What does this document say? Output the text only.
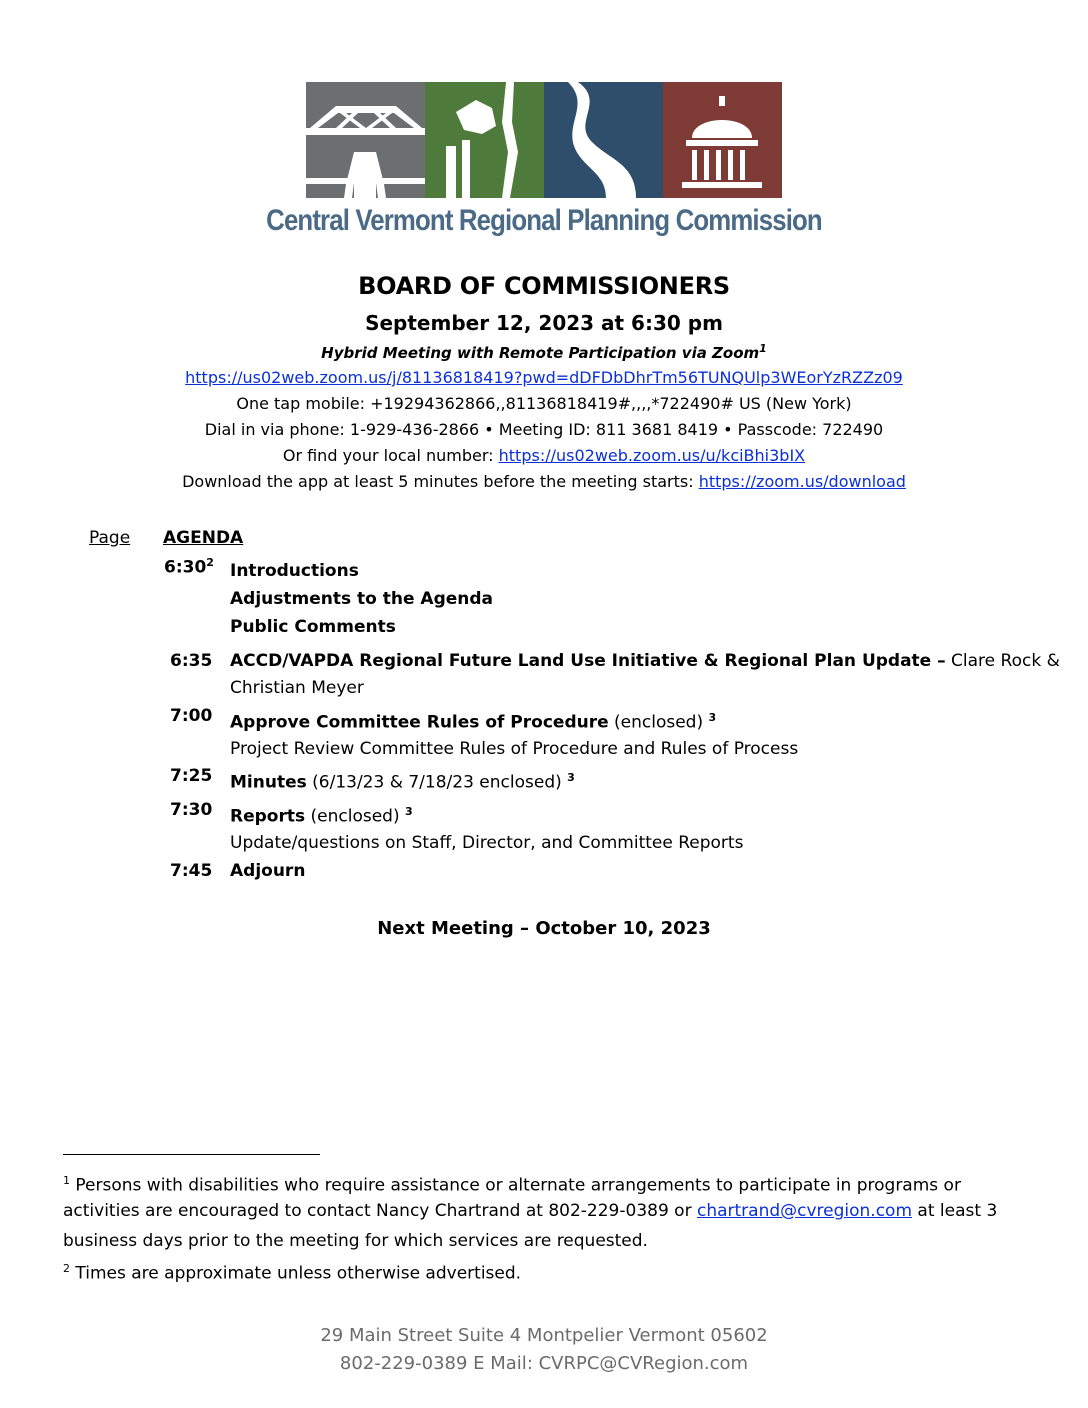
Central Vermont Regional Planning Commission
BOARD OF COMMISSIONERS
September 12, 2023 at 6:30 pm
Hybrid Meeting with Remote Participation via Zoom$^1$
https://us02web.zoom.us/j/81136818419?pwd=dDFDbDhrTm56TUNQUlp3WEorYzRZZz09
One tap mobile: +19294362866,,81136818419#,,,,*722490# US (New York)
Dial in via phone: 1-929-436-2866 • Meeting ID: 811 3681 8419 • Passcode: 722490
Or find your local number: https://us02web.zoom.us/u/kciBhi3bIX
Download the app at least 5 minutes before the meeting starts: https://zoom.us/download
Page AGENDA
$6:30^2$ Introductions
Adjustments to the Agenda
Public Comments
6:35 ACCD/VAPDA Regional Future Land Use Initiative & Regional Plan Update – Clare Rock &
Christian Meyer
7:00 Approve Committee Rules of Procedure (enclosed) $^3$
Project Review Committee Rules of Procedure and Rules of Process
7:25 Minutes (6/13/23 & 7/18/23 enclosed) $^3$
7:30 Reports (enclosed) $^3$
Update/questions on Staff, Director, and Committee Reports
7:45 Adjourn
Next Meeting – October 10, 2023
$^1$ Persons with disabilities who require assistance or alternate arrangements to participate in programs or
activities are encouraged to contact Nancy Chartrand at 802-229-0389 or chartrand@cvregion.com at least 3
business days prior to the meeting for which services are requested.
$^2$ Times are approximate unless otherwise advertised.
29 Main Street Suite 4 Montpelier Vermont 05602
802-229-0389 E Mail: CVRPC@CVRegion.com
